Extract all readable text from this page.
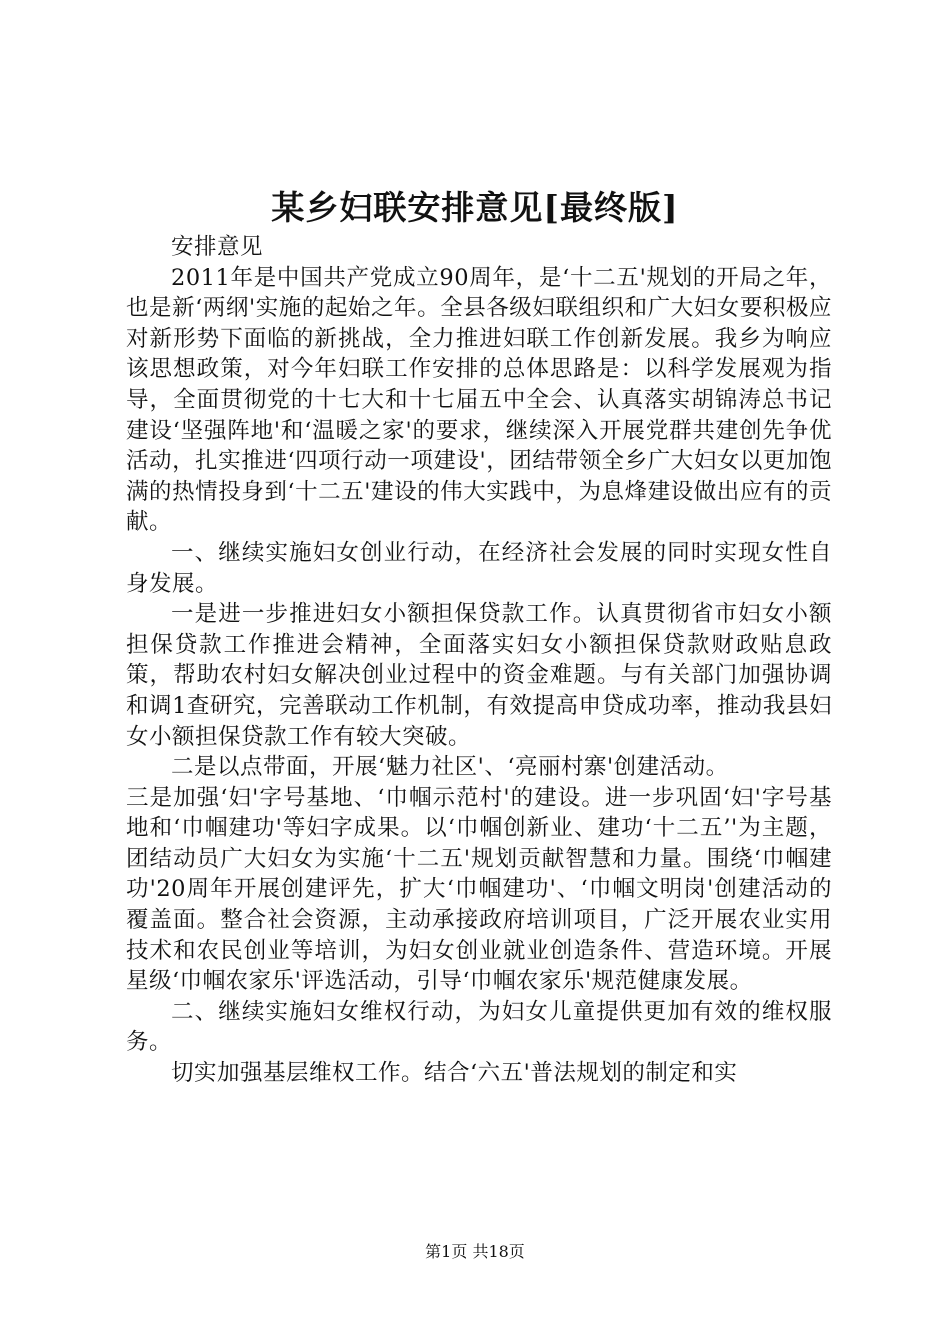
某乡妇联安排意见[最终版]

安排意见

2011年是中国共产党成立90周年，是‘十二五'规划的开局之年，也是新‘两纲'实施的起始之年。全县各级妇联组织和广大妇女要积极应对新形势下面临的新挑战，全力推进妇联工作创新发展。我乡为响应该思想政策，对今年妇联工作安排的总体思路是：以科学发展观为指导，全面贯彻党的十七大和十七届五中全会、认真落实胡锦涛总书记建设‘坚强阵地'和‘温暖之家'的要求，继续深入开展党群共建创先争优活动，扎实推进‘四项行动一项建设'，团结带领全乡广大妇女以更加饱满的热情投身到‘十二五'建设的伟大实践中，为息烽建设做出应有的贡献。

一、继续实施妇女创业行动，在经济社会发展的同时实现女性自身发展。

一是进一步推进妇女小额担保贷款工作。认真贯彻省市妇女小额担保贷款工作推进会精神，全面落实妇女小额担保贷款财政贴息政策，帮助农村妇女解决创业过程中的资金难题。与有关部门加强协调和调1查研究，完善联动工作机制，有效提高申贷成功率，推动我县妇女小额担保贷款工作有较大突破。

二是以点带面，开展‘魅力社区'、‘亮丽村寨'创建活动。

三是加强‘妇'字号基地、‘巾帼示范村'的建设。进一步巩固‘妇'字号基地和‘巾帼建功'等妇字成果。以‘巾帼创新业、建功‘十二五’'为主题，团结动员广大妇女为实施‘十二五'规划贡献智慧和力量。围绕‘巾帼建功'20周年开展创建评先，扩大‘巾帼建功'、‘巾帼文明岗'创建活动的覆盖面。整合社会资源，主动承接政府培训项目，广泛开展农业实用技术和农民创业等培训，为妇女创业就业创造条件、营造环境。开展星级‘巾帼农家乐'评选活动，引导‘巾帼农家乐'规范健康发展。

二、继续实施妇女维权行动，为妇女儿童提供更加有效的维权服务。

切实加强基层维权工作。结合‘六五'普法规划的制定和实

第1页 共18页
